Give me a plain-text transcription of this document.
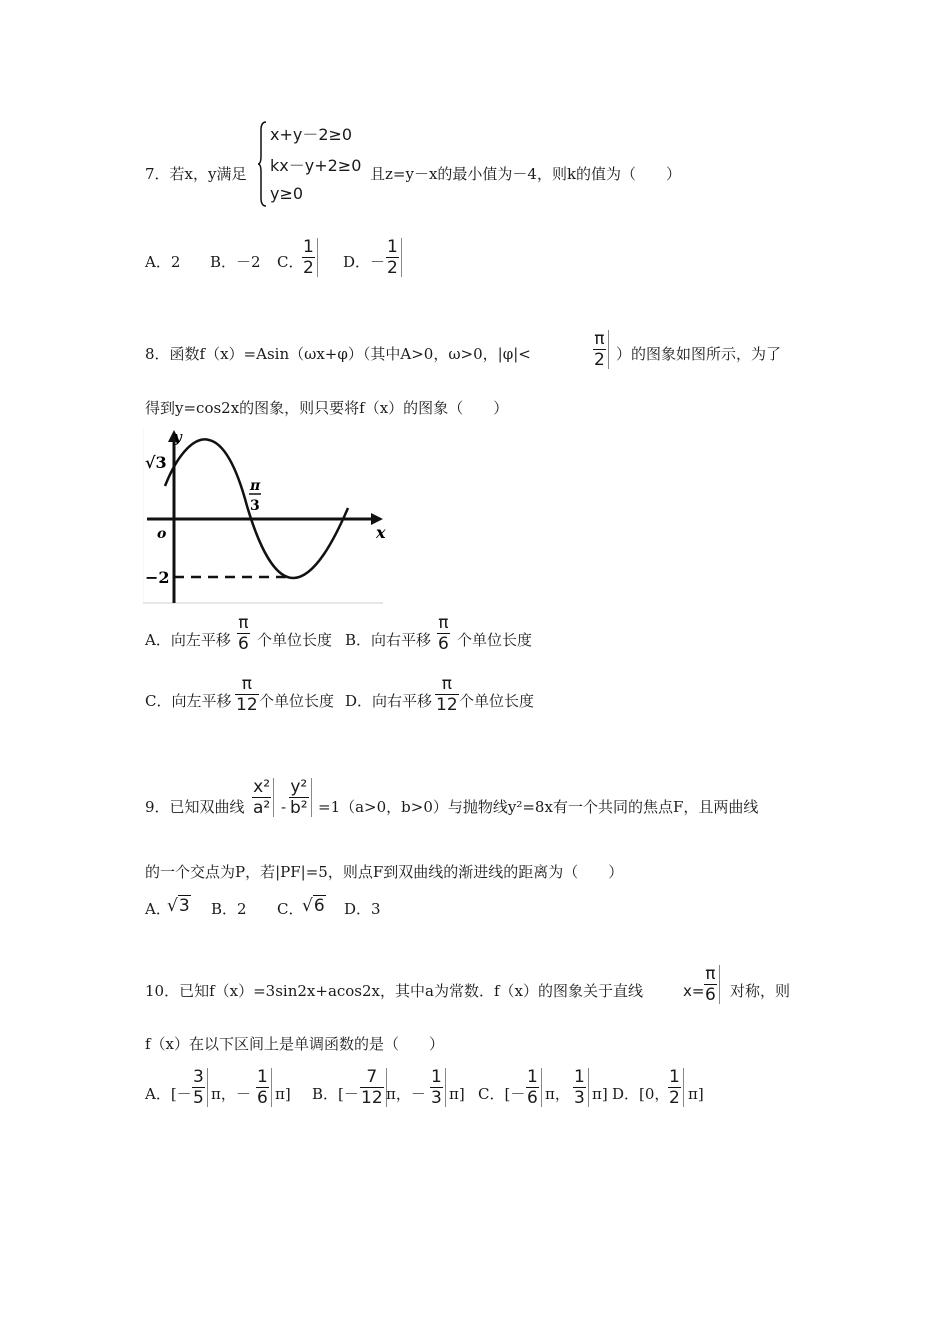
7．若x，y满足
x+y－2≥0
kx－y+2≥0
y≥0
且z=y－x的最小值为－4，则k的值为（　　）
A．2 B．－2 C．
1
2 D．－
1
2
8．函数f（x）=Asin（ωx+φ）（其中A>0，ω>0，|φ|<
π
2 ）的图象如图所示，为了
得到y=cos2x的图象，则只要将f（x）的图象（　　）
y
x
o
√3
−2
π
3
A．向左平移
π
6 个单位长度 B．向右平移
π
6 个单位长度
C．向左平移
π
12 个单位长度 D．向右平移
π
12 个单位长度
9．已知双曲线
x²
a² -
y²
b² =1（a>0，b>0）与抛物线y²=8x有一个共同的焦点F，且两曲线
的一个交点为P，若|PF|=5，则点F到双曲线的渐进线的距离为（　　）
A．
√3 B．2 C．
√6 D．3
10．已知f（x）=3sin2x+acos2x，其中a为常数．f（x）的图象关于直线	x=
π
6 对称，则
f（x）在以下区间上是单调函数的是（　　）
A．[－
3
5 π，－
1
6 π] B．[－
7
12 π，－
1
3 π] C．[－
1
6 π，
1
3 π] D．[0，
1
2 π]
